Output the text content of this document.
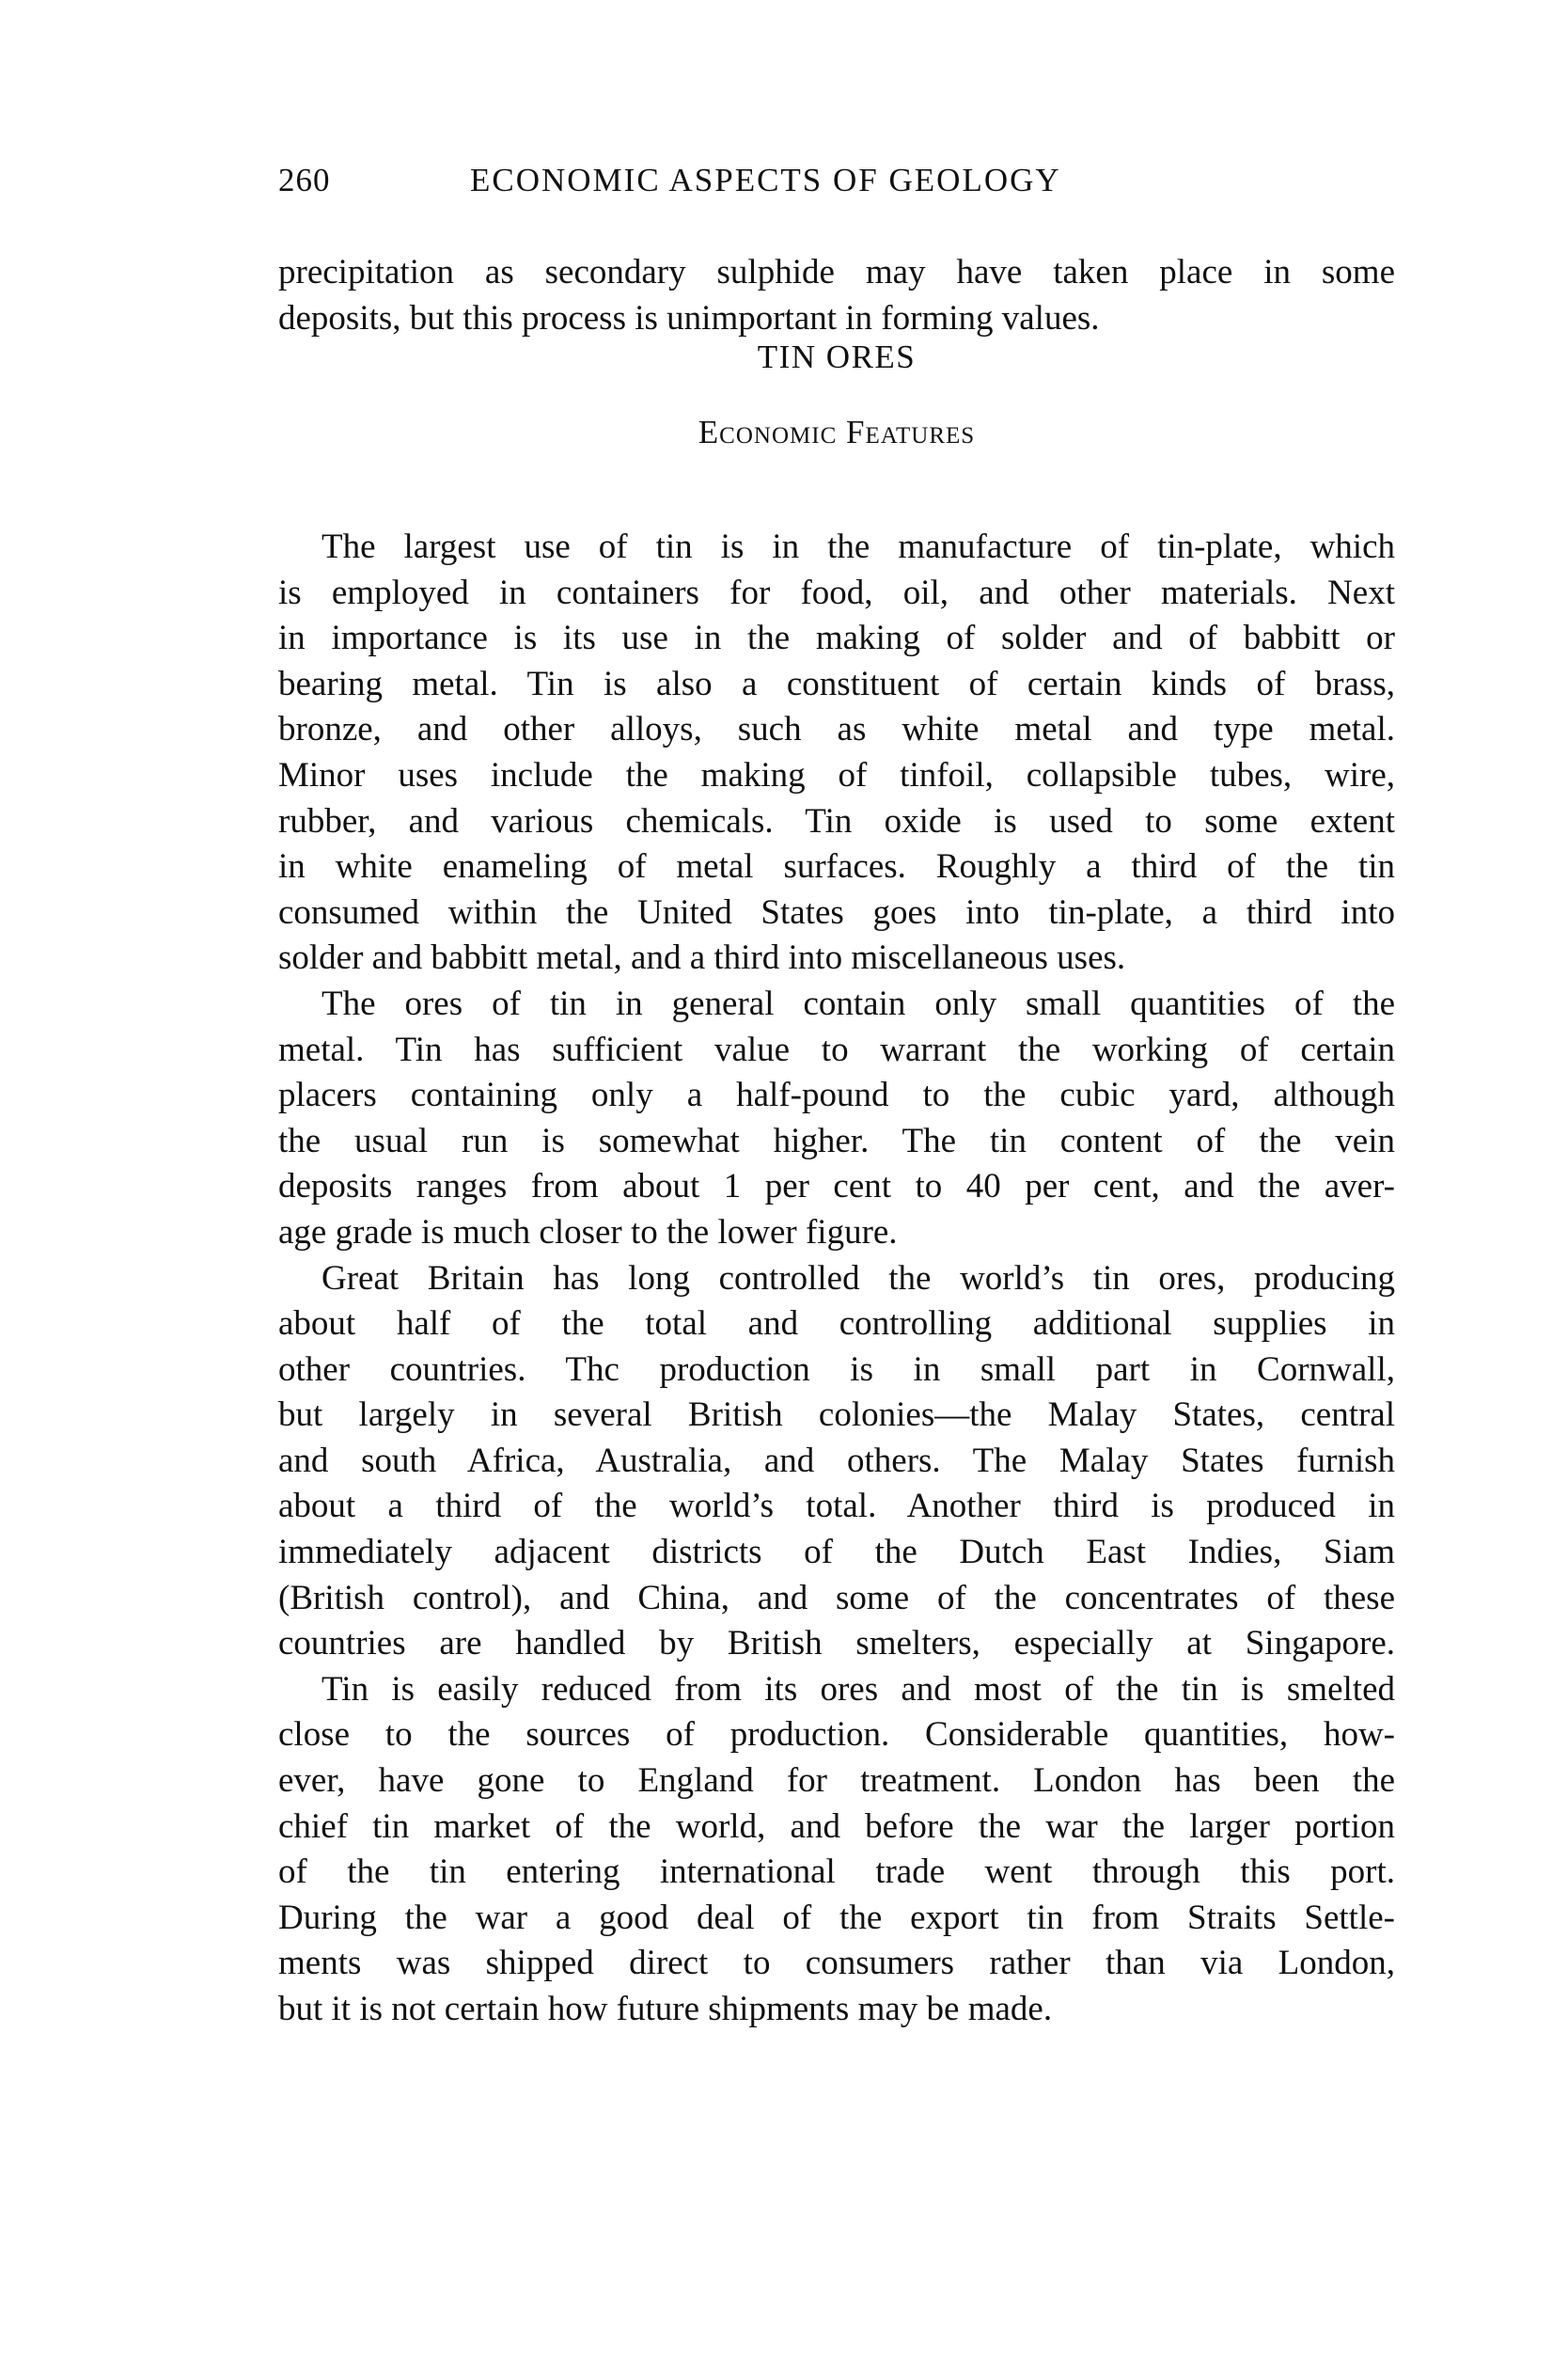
260	ECONOMIC ASPECTS OF GEOLOGY
precipitation as secondary sulphide may have taken place in some
deposits, but this process is unimportant in forming values.
TIN ORES
Economic Features
The largest use of tin is in the manufacture of tin-plate, which
is employed in containers for food, oil, and other materials. Next
in importance is its use in the making of solder and of babbitt or
bearing metal. Tin is also a constituent of certain kinds of brass,
bronze, and other alloys, such as white metal and type metal.
Minor uses include the making of tinfoil, collapsible tubes, wire,
rubber, and various chemicals. Tin oxide is used to some extent
in white enameling of metal surfaces. Roughly a third of the tin
consumed within the United States goes into tin-plate, a third into
solder and babbitt metal, and a third into miscellaneous uses.
The ores of tin in general contain only small quantities of the
metal. Tin has sufficient value to warrant the working of certain
placers containing only a half-pound to the cubic yard, although
the usual run is somewhat higher. The tin content of the vein
deposits ranges from about 1 per cent to 40 per cent, and the aver-
age grade is much closer to the lower figure.
Great Britain has long controlled the world’s tin ores, producing
about half of the total and controlling additional supplies in
other countries. Thc production is in small part in Cornwall,
but largely in several British colonies—the Malay States, central
and south Africa, Australia, and others. The Malay States furnish
about a third of the world’s total. Another third is produced in
immediately adjacent districts of the Dutch East Indies, Siam
(British control), and China, and some of the concentrates of these
countries are handled by British smelters, especially at Singapore.
Tin is easily reduced from its ores and most of the tin is smelted
close to the sources of production. Considerable quantities, how-
ever, have gone to England for treatment. London has been the
chief tin market of the world, and before the war the larger portion
of the tin entering international trade went through this port.
During the war a good deal of the export tin from Straits Settle-
ments was shipped direct to consumers rather than via London,
but it is not certain how future shipments may be made.
